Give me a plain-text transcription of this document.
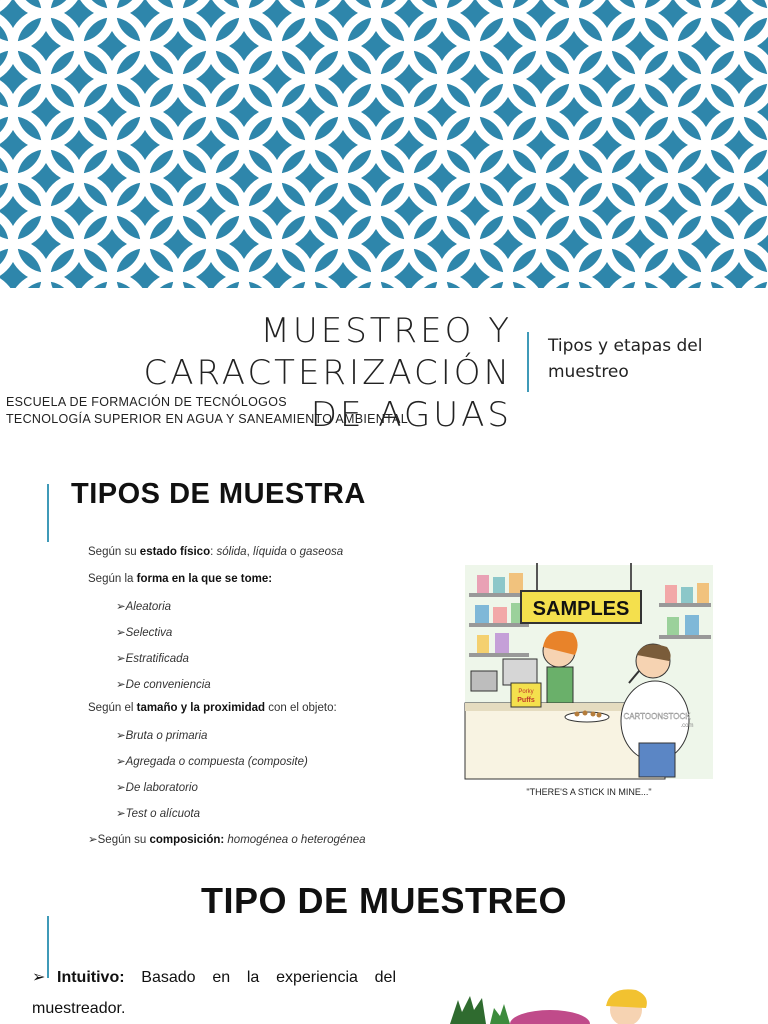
MUESTREO Y CARACTERIZACIÓN
DE AGUAS
Tipos y etapas del
muestreo
ESCUELA DE FORMACIÓN DE TECNÓLOGOS
TECNOLOGÍA SUPERIOR EN AGUA Y SANEAMIENTO AMBIENTAL
TIPOS DE MUESTRA
Según su estado físico: sólida, líquida o gaseosa
Según la forma en la que se tome:
➢Aleatoria
➢Selectiva
➢Estratificada
➢De conveniencia
Según el tamaño y la proximidad con el objeto:
➢Bruta o primaria
➢Agregada o compuesta (composite)
➢De laboratorio
➢Test o alícuota
➢Según su composición: homogénea o heterogénea
SAMPLES
Porky
Puffs
CARTOONSTOCK
.com
"THERE'S A STICK IN MINE..."
TIPO DE MUESTREO
➢ Intuitivo: Basado en la experiencia del muestreador.
